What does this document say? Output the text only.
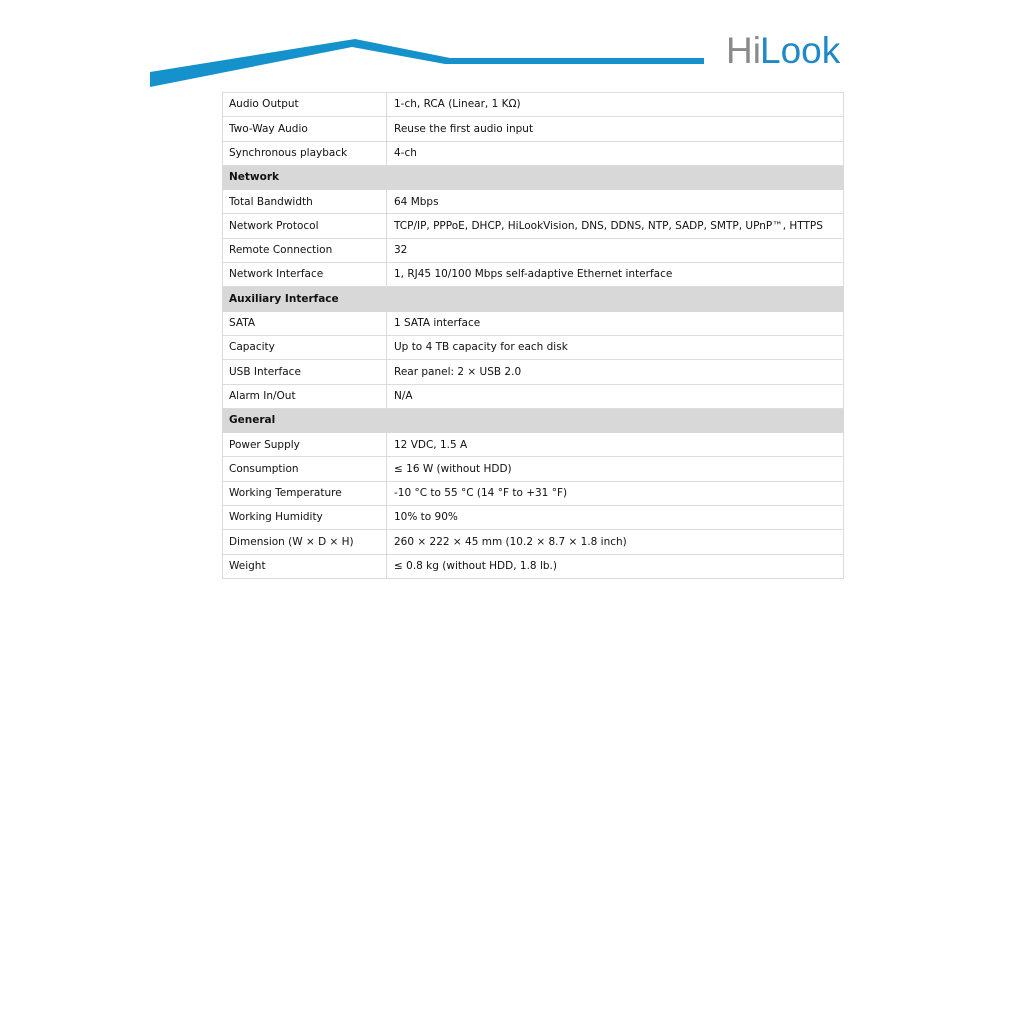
Hi Look
Audio Output	1-ch, RCA (Linear, 1 KΩ)
Two-Way Audio	Reuse the first audio input
Synchronous playback	4-ch
Network	
Total Bandwidth	64 Mbps
Network Protocol	TCP/IP, PPPoE, DHCP, HiLookVision, DNS, DDNS, NTP, SADP, SMTP, UPnP™, HTTPS
Remote Connection	32
Network Interface	1, RJ45 10/100 Mbps self-adaptive Ethernet interface
Auxiliary Interface	
SATA	1 SATA interface
Capacity	Up to 4 TB capacity for each disk
USB Interface	Rear panel: 2 × USB 2.0
Alarm In/Out	N/A
General	
Power Supply	12 VDC, 1.5 A
Consumption	≤ 16 W (without HDD)
Working Temperature	-10 °C to 55 °C (14 °F to +31 °F)
Working Humidity	10% to 90%
Dimension (W × D × H)	260 × 222 × 45 mm (10.2 × 8.7 × 1.8 inch)
Weight	≤ 0.8 kg (without HDD, 1.8 lb.)
